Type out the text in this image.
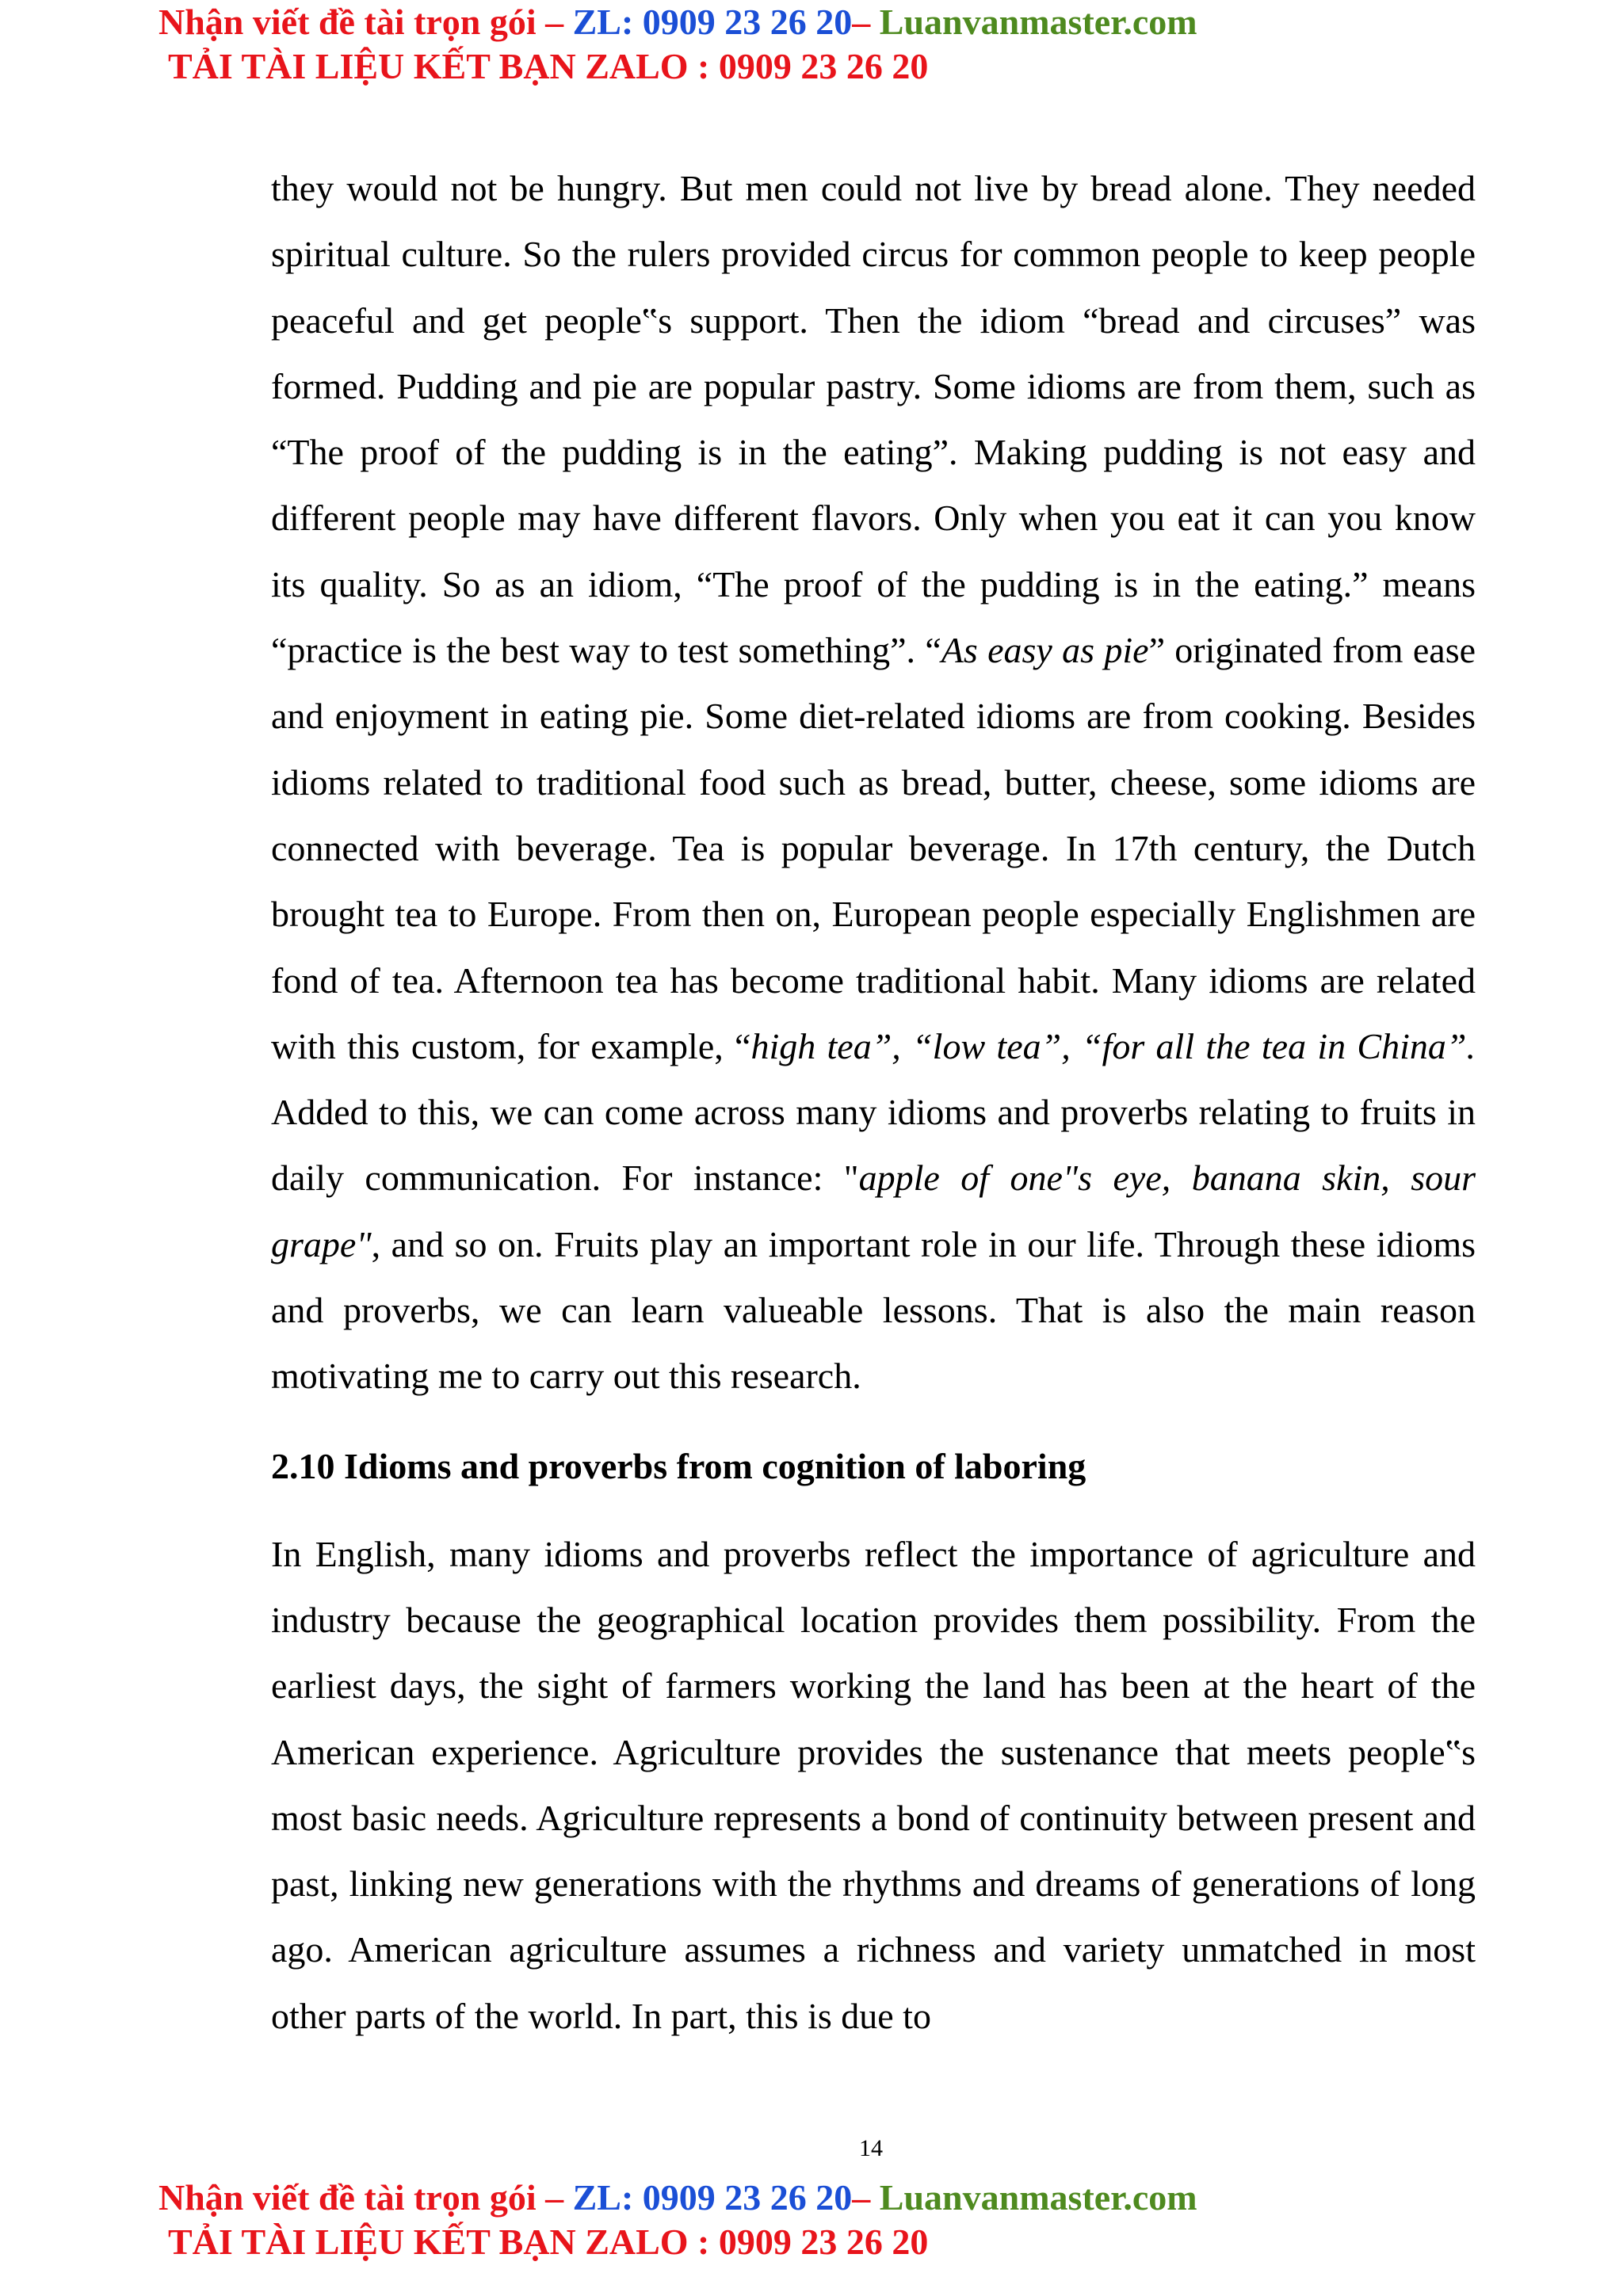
Nhận viết đề tài trọn gói – ZL: 0909 23 26 20– Luanvanmaster.com
TẢI TÀI LIỆU KẾT BẠN ZALO : 0909 23 26 20

they would not be hungry. But men could not live by bread alone. They needed spiritual culture. So the rulers provided circus for common people to keep people peaceful and get people‟s support. Then the idiom “bread and circuses” was formed. Pudding and pie are popular pastry. Some idioms are from them, such as “The proof of the pudding is in the eating”. Making pudding is not easy and different people may have different flavors. Only when you eat it can you know its quality. So as an idiom, “The proof of the pudding is in the eating.” means “practice is the best way to test something”. “As easy as pie” originated from ease and enjoyment in eating pie. Some diet-related idioms are from cooking. Besides idioms related to traditional food such as bread, butter, cheese, some idioms are connected with beverage. Tea is popular beverage. In 17th century, the Dutch brought tea to Europe. From then on, European people especially Englishmen are fond of tea. Afternoon tea has become traditional habit. Many idioms are related with this custom, for example, “high tea”, “low tea”, “for all the tea in China”. Added to this, we can come across many idioms and proverbs relating to fruits in daily communication. For instance: "apple of one"s eye, banana skin, sour grape", and so on. Fruits play an important role in our life. Through these idioms and proverbs, we can learn valueable lessons. That is also the main reason motivating me to carry out this research.

2.10 Idioms and proverbs from cognition of laboring

In English, many idioms and proverbs reflect the importance of agriculture and industry because the geographical location provides them possibility. From the earliest days, the sight of farmers working the land has been at the heart of the American experience. Agriculture provides the sustenance that meets people‟s most basic needs. Agriculture represents a bond of continuity between present and past, linking new generations with the rhythms and dreams of generations of long ago. American agriculture assumes a richness and variety unmatched in most other parts of the world. In part, this is due to

14
Nhận viết đề tài trọn gói – ZL: 0909 23 26 20– Luanvanmaster.com
TẢI TÀI LIỆU KẾT BẠN ZALO : 0909 23 26 20
